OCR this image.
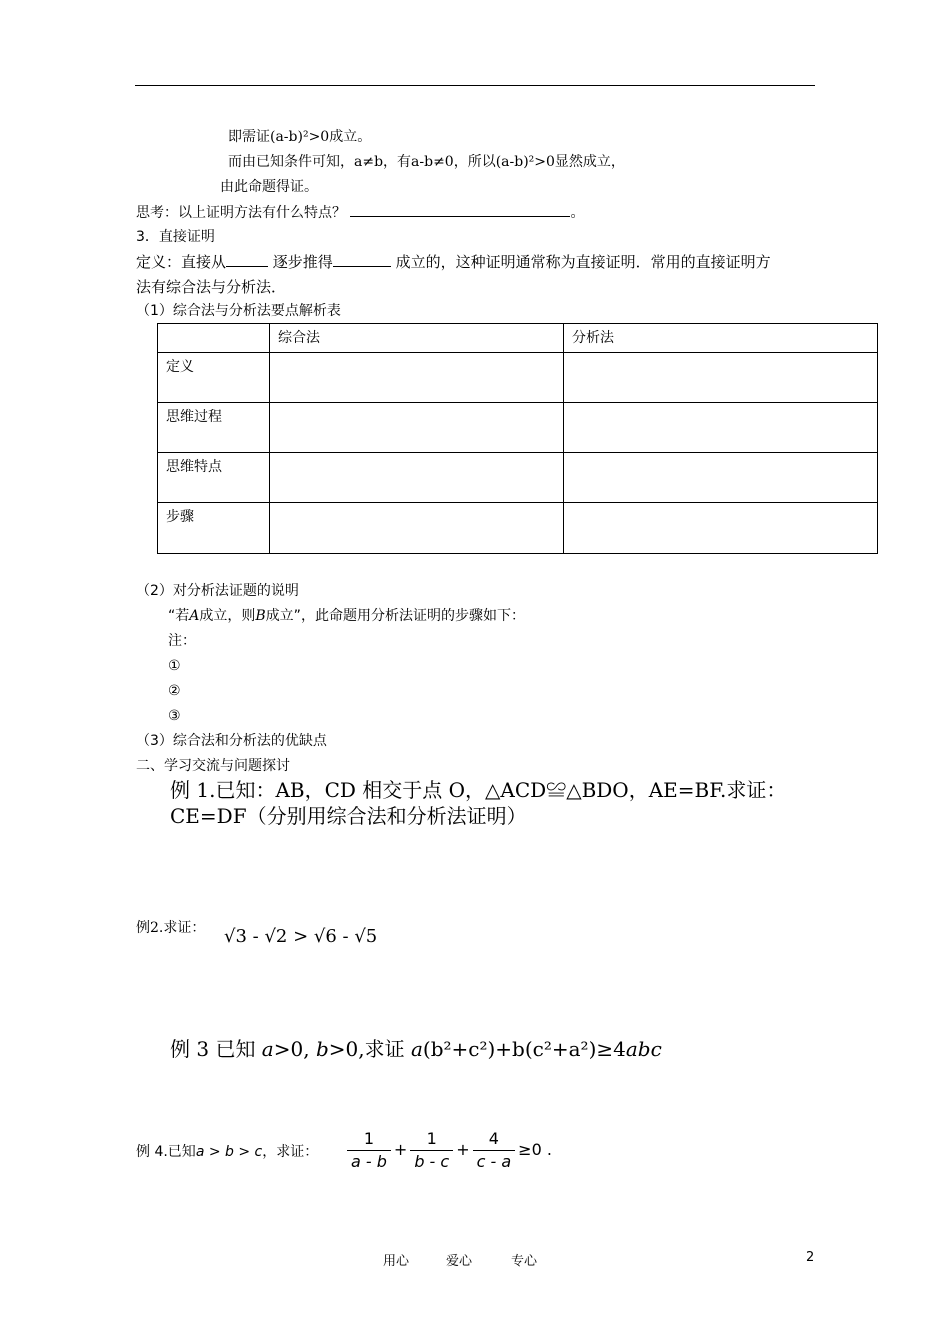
即需证(a-b)²>0成立。
而由已知条件可知，a≠b，有a-b≠0，所以(a-b)²>0显然成立，
由此命题得证。
思考：以上证明方法有什么特点？	。
3．直接证明
定义：直接从	逐步推得	成立的，这种证明通常称为直接证明．常用的直接证明方
法有综合法与分析法．
（1）综合法与分析法要点解析表
	综合法	分析法
定义		
思维过程		
思维特点		
步骤		
（2）对分析法证题的说明
“若A成立，则B成立”，此命题用分析法证明的步骤如下：
注：
①
②
③
（3）综合法和分析法的优缺点
二、学习交流与问题探讨
例 1.已知：AB，CD 相交于点 O，△ACD≌△BDO，AE=BF.求证：
CE=DF（分别用综合法和分析法证明）
例2.求证： √3 - √2 > √6 - √5
例 3 已知 a>0, b>0,求证 a(b²+c²)+b(c²+a²)≥4abc
例 4.已知a > b > c，求证： $\frac{1}{a - b} + \frac{1}{b - c} + \frac{4}{c - a} \ge 0$ .
用心	爱心	专心	2
